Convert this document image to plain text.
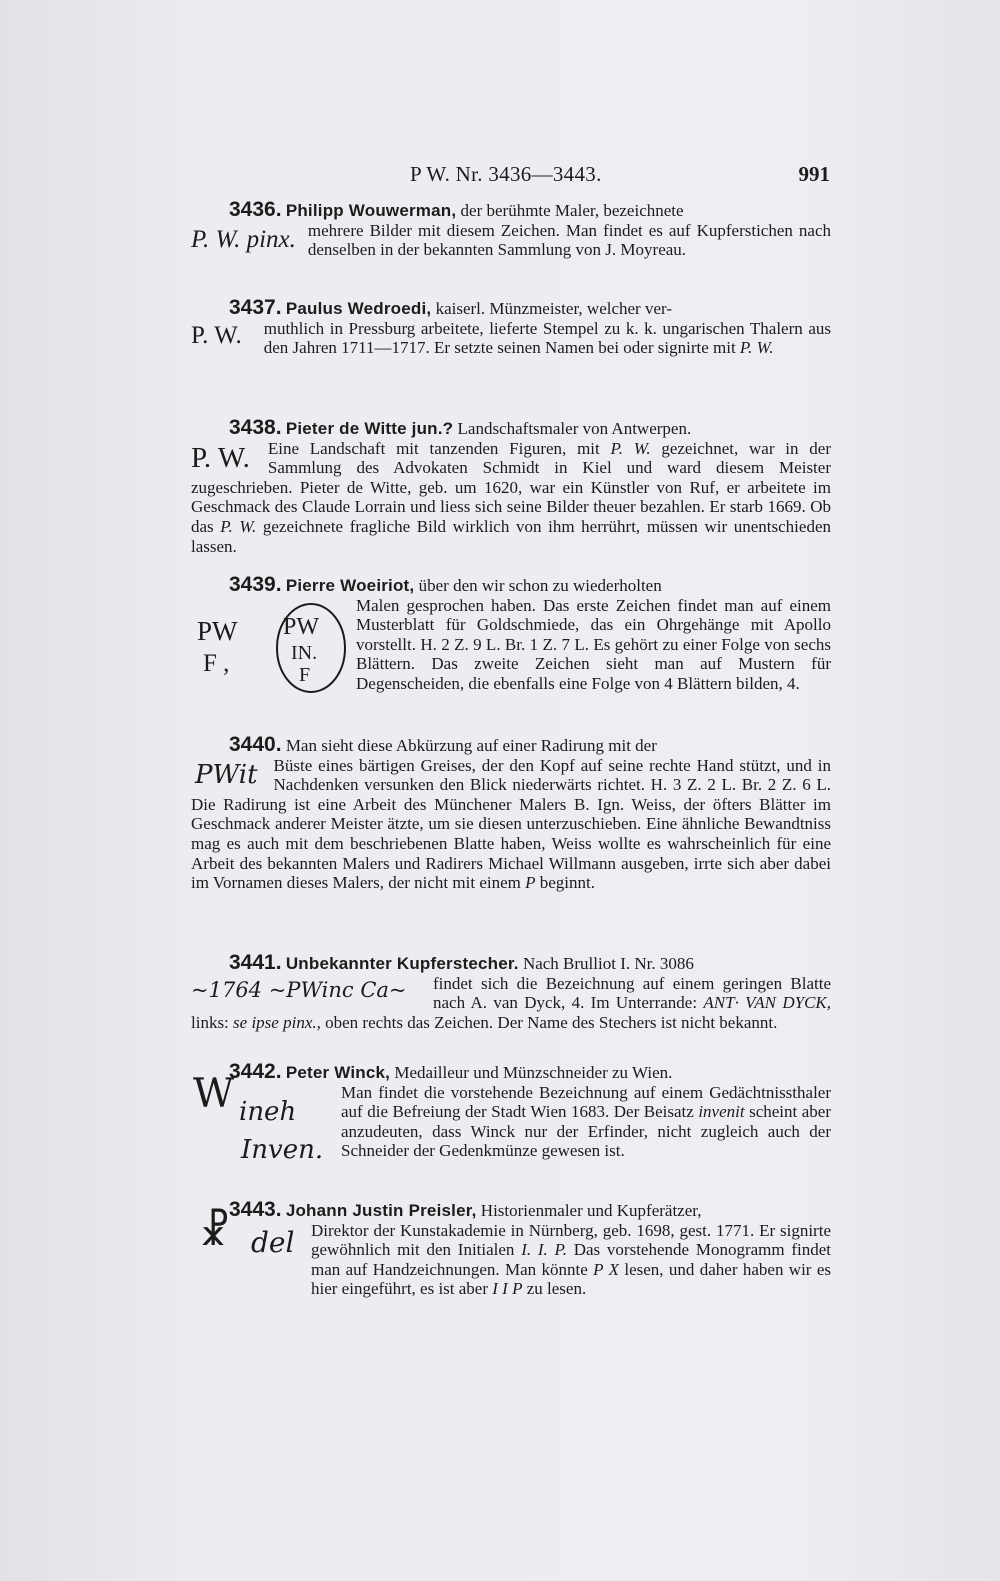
P W. Nr. 3436—3443.	991

3436. Philipp Wouwerman, der berühmte Maler, bezeichnete

P. W. pinx. mehrere Bilder mit diesem Zeichen. Man findet es auf Kupferstichen nach denselben in der bekannten Sammlung von J. Moyreau.

3437. Paulus Wedroedi, kaiserl. Münzmeister, welcher ver-

P. W. muthlich in Pressburg arbeitete, lieferte Stempel zu k. k. ungarischen Thalern aus den Jahren 1711—1717. Er setzte seinen Namen bei oder signirte mit P. W.

3438. Pieter de Witte jun.? Landschaftsmaler von Antwerpen.

P. W. Eine Landschaft mit tanzenden Figuren, mit P. W. gezeichnet, war in der Sammlung des Advokaten Schmidt in Kiel und ward diesem Meister zugeschrieben. Pieter de Witte, geb. um 1620, war ein Künstler von Ruf, er arbeitete im Geschmack des Claude Lorrain und liess sich seine Bilder theuer bezahlen. Er starb 1669. Ob das P. W. gezeichnete fragliche Bild wirklich von ihm herrührt, müssen wir unentschieden lassen.

3439. Pierre Woeiriot, über den wir schon zu wiederholten

PW
F ,
PW
IN.
F
Malen gesprochen haben. Das erste Zeichen findet man auf einem Musterblatt für Goldschmiede, das ein Ohrgehänge mit Apollo vorstellt. H. 2 Z. 9 L. Br. 1 Z. 7 L. Es gehört zu einer Folge von sechs Blättern. Das zweite Zeichen sieht man auf Mustern für Degenscheiden, die ebenfalls eine Folge von 4 Blättern bilden, 4.

3440. Man sieht diese Abkürzung auf einer Radirung mit der

PWit Büste eines bärtigen Greises, der den Kopf auf seine rechte Hand stützt, und in Nachdenken versunken den Blick niederwärts richtet. H. 3 Z. 2 L. Br. 2 Z. 6 L. Die Radirung ist eine Arbeit des Münchener Malers B. Ign. Weiss, der öfters Blätter im Geschmack anderer Meister ätzte, um sie diesen unterzuschieben. Eine ähnliche Bewandtniss mag es auch mit dem beschriebenen Blatte haben, Weiss wollte es wahrscheinlich für eine Arbeit des bekannten Malers und Radirers Michael Willmann ausgeben, irrte sich aber dabei im Vornamen dieses Malers, der nicht mit einem P beginnt.

3441. Unbekannter Kupferstecher. Nach Brulliot I. Nr. 3086

~1764 ~PWinc Ca~	findet sich die Bezeichnung auf einem geringen Blatte nach A. van Dyck, 4. Im Unterrande: ANT· VAN DYCK, links: se ipse pinx., oben rechts das Zeichen. Der Name des Stechers ist nicht bekannt.

3442. Peter Winck, Medailleur und Münzschneider zu Wien.

W ineh
Inven.
Man findet die vorstehende Bezeichnung auf einem Gedächtnissthaler auf die Befreiung der Stadt Wien 1683. Der Beisatz invenit scheint aber anzudeuten, dass Winck nur der Erfinder, nicht zugleich auch der Schneider der Gedenkmünze gewesen ist.

3443. Johann Justin Preisler, Historienmaler und Kupferätzer,

☧ del Direktor der Kunstakademie in Nürnberg, geb. 1698, gest. 1771. Er signirte gewöhnlich mit den Initialen I. I. P. Das vorstehende Monogramm findet man auf Handzeichnungen. Man könnte P X lesen, und daher haben wir es hier eingeführt, es ist aber I I P zu lesen.
